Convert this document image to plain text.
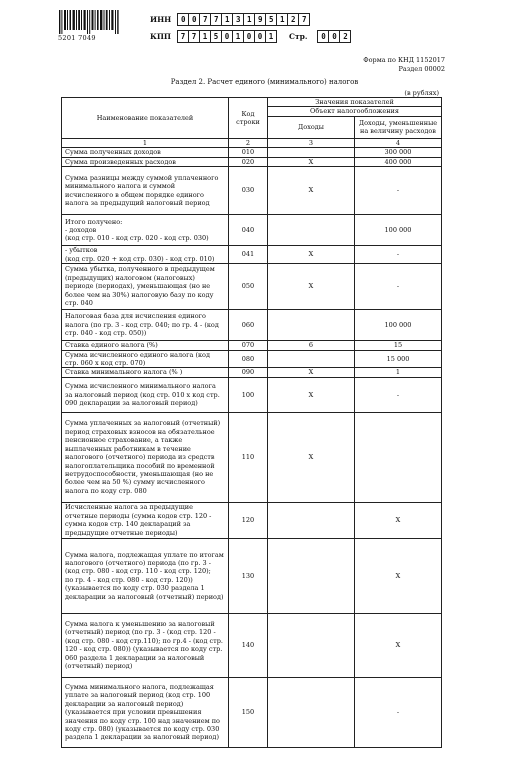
5201 7049
ИНН	0 0 7 7 1 3 1 9 5 1 2 7
КПП	7 7 1 5 0 1 0 0 1	Стр.	0 0 2
Форма по КНД 1152017
Раздел 00002
Раздел 2. Расчет единого (минимального) налогов
(в рублях)
Наименование показателей	Код строки	Значения показателей	
		Объект налогообложения	
		Доходы	Доходы, уменьшенные на величину расходов
1	2	3	4
Сумма полученных доходов	010		300 000
Сумма произведенных расходов	020	X	400 000
Сумма разницы между суммой уплаченного минимального налога и суммой исчисленного в общем порядке единого налога за предыдущий налоговый период	030	X	-
Итого получено:
- доходов
(код стр. 010 - код стр. 020 - код стр. 030)	040		100 000
- убытков
(код стр. 020 + код стр. 030) - код стр. 010)	041	X	-
Сумма убытка, полученного в предыдущем (предыдущих) налоговом (налоговых) периоде (периодах), уменьшающая (но не более чем на 30%) налоговую базу по коду стр. 040	050	X	-
Налоговая база для исчисления единого налога (по гр. 3 - код стр. 040; по гр. 4 - (код стр. 040 - код стр. 050))	060		100 000
Ставка единого налога (%)	070	6	15
Сумма исчисленного единого налога (код стр. 060 х код стр. 070)	080		15 000
Ставка минимального налога (% )	090	X	1
Сумма исчисленного минимального налога за налоговый период (код стр. 010 х код стр. 090 декларации за налоговый период)	100	X	-
Сумма уплаченных за налоговый (отчетный) период страховых взносов на обязательное пенсионное страхование, а также выплаченных работникам в течение налогового (отчетного) периода из средств налогоплательщика пособий по временной нетрудоспособности, уменьшающая (но не более чем на 50 %) сумму исчисленного налога по коду стр. 080	110	X	
Исчисленные налога за предыдущие отчетные периоды (сумма кодов стр. 120 - сумма кодов стр. 140 деклараций за предыдущие отчетные периоды)	120		X
Сумма налога, подлежащая уплате по итогам налогового (отчетного) периода (по гр. 3 - (код стр. 080 - код стр. 110 - код стр. 120);
по гр. 4 - код стр. 080 - код стр. 120))
(указывается по коду стр. 030 раздела 1 декларации за налоговый (отчетный) период)	130		X
Сумма налога к уменьшению за налоговый (отчетный) период (по гр. 3 - (код стр. 120 - (код стр. 080 - код стр.110); по гр.4 - (код стр. 120 - код стр. 080)) (указывается по коду стр. 060 раздела 1 декларации за налоговый (отчетный) период)	140		X
Сумма минимального налога, подлежащая уплате за налоговый период (код стр. 100 декларации за налоговый период)
(указывается при условии превышения значения по коду стр. 100 над значением по коду стр. 080) (указывается по коду стр. 030 раздела 1 декларации за налоговый период)	150		-
